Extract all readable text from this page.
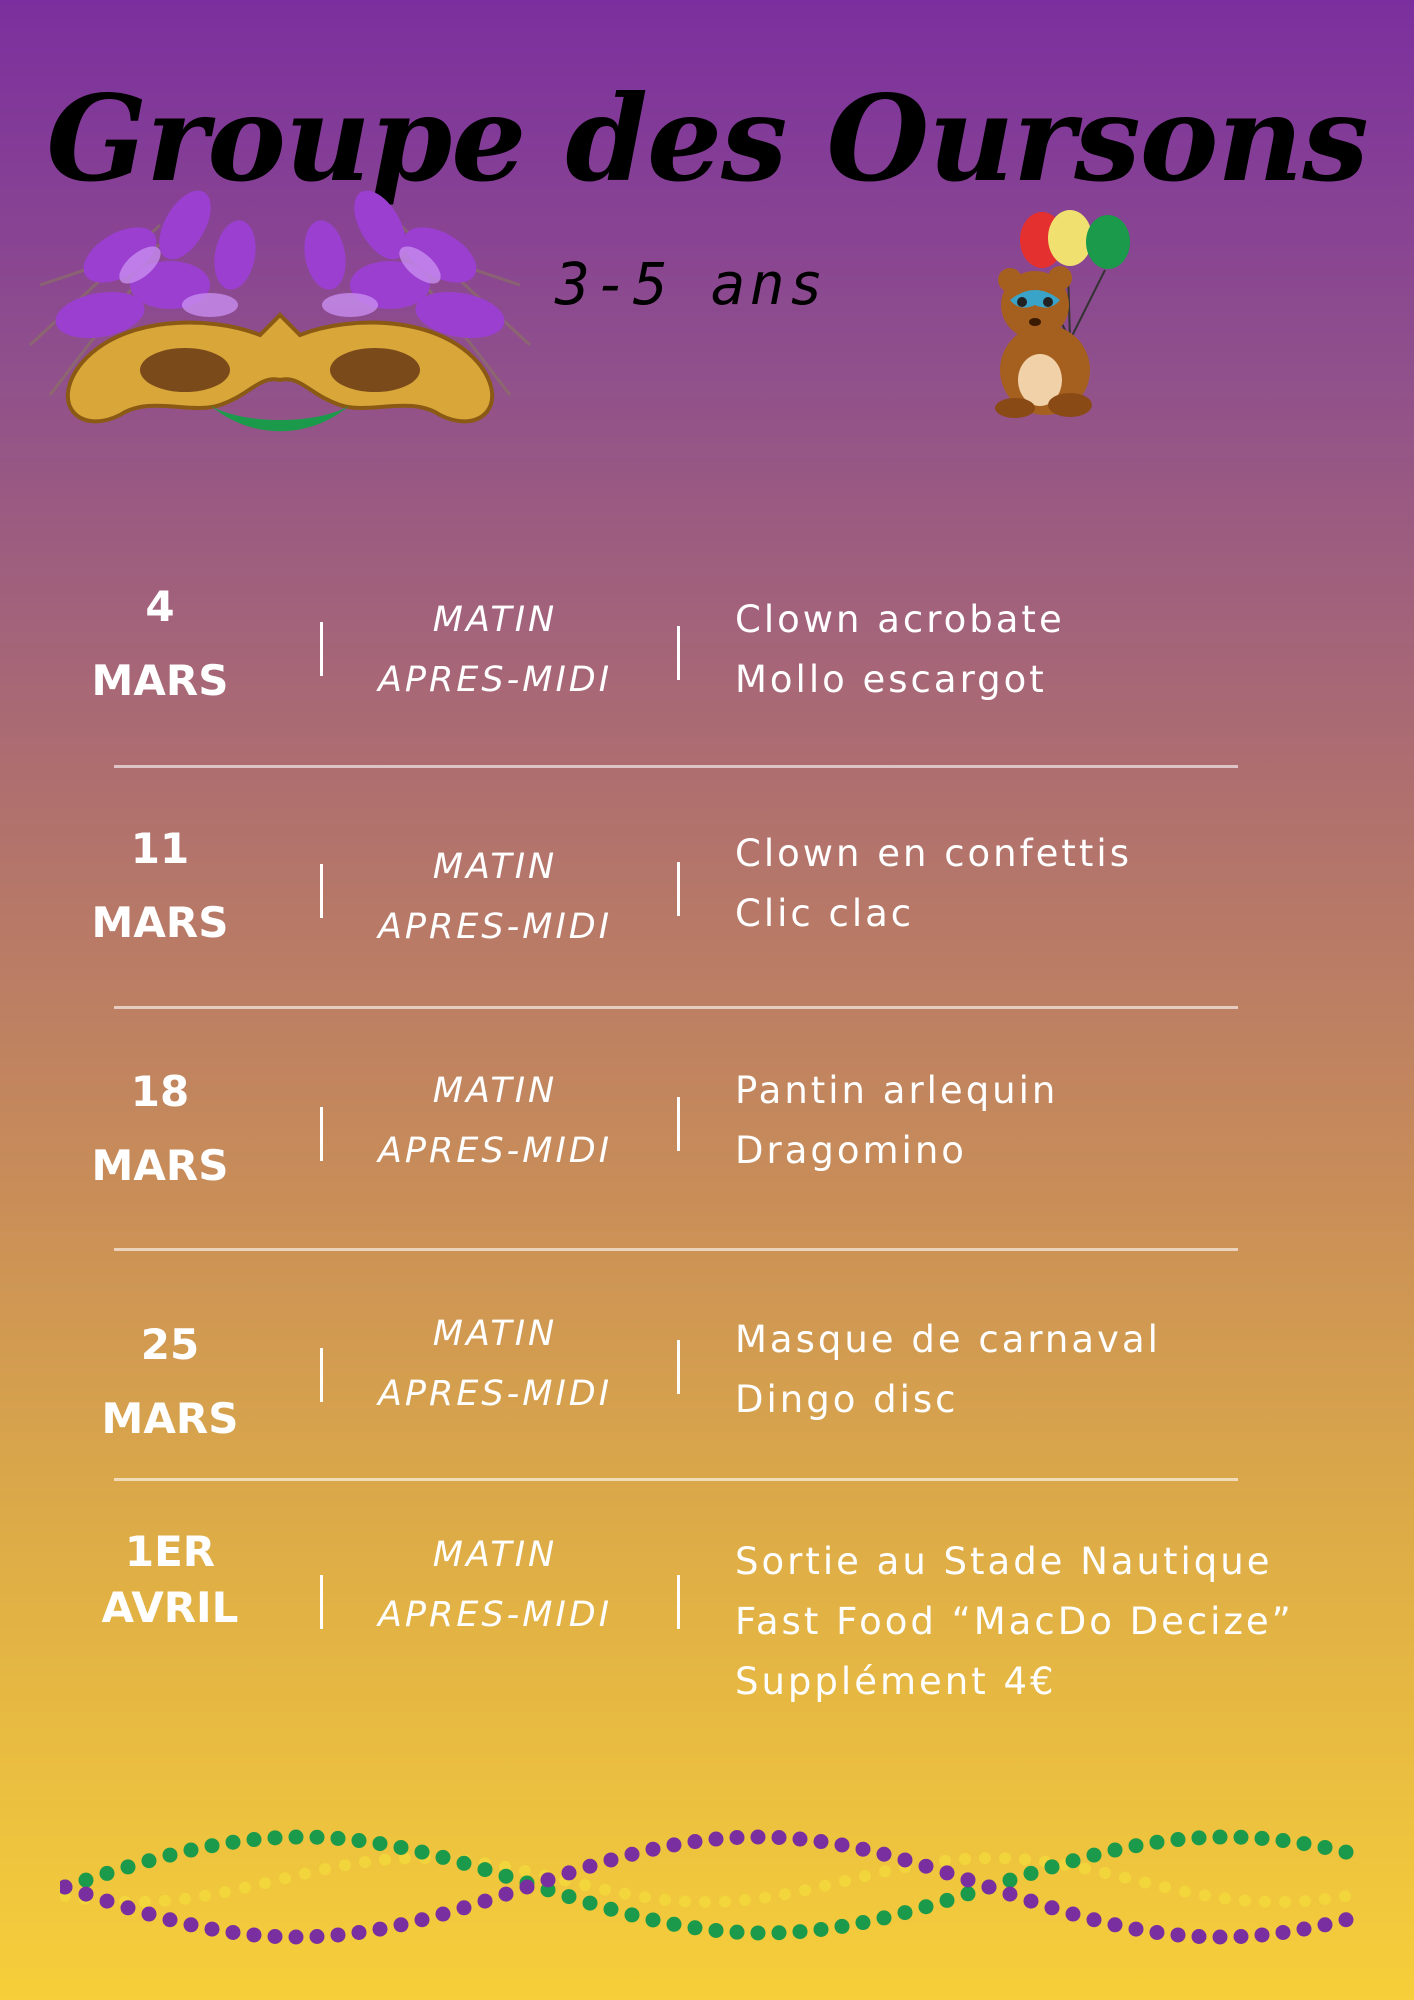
Groupe des Oursons
3-5 ans
4
MARS
MATIN
APRES-MIDI
Clown acrobate
Mollo escargot
11
MARS
MATIN
APRES-MIDI
Clown en confettis
Clic clac
18
MARS
MATIN
APRES-MIDI
Pantin arlequin
Dragomino
25
MARS
MATIN
APRES-MIDI
Masque de carnaval
Dingo disc
1ER
AVRIL
MATIN
APRES-MIDI
Sortie au Stade Nautique
Fast Food “MacDo Decize”
Supplément 4€
